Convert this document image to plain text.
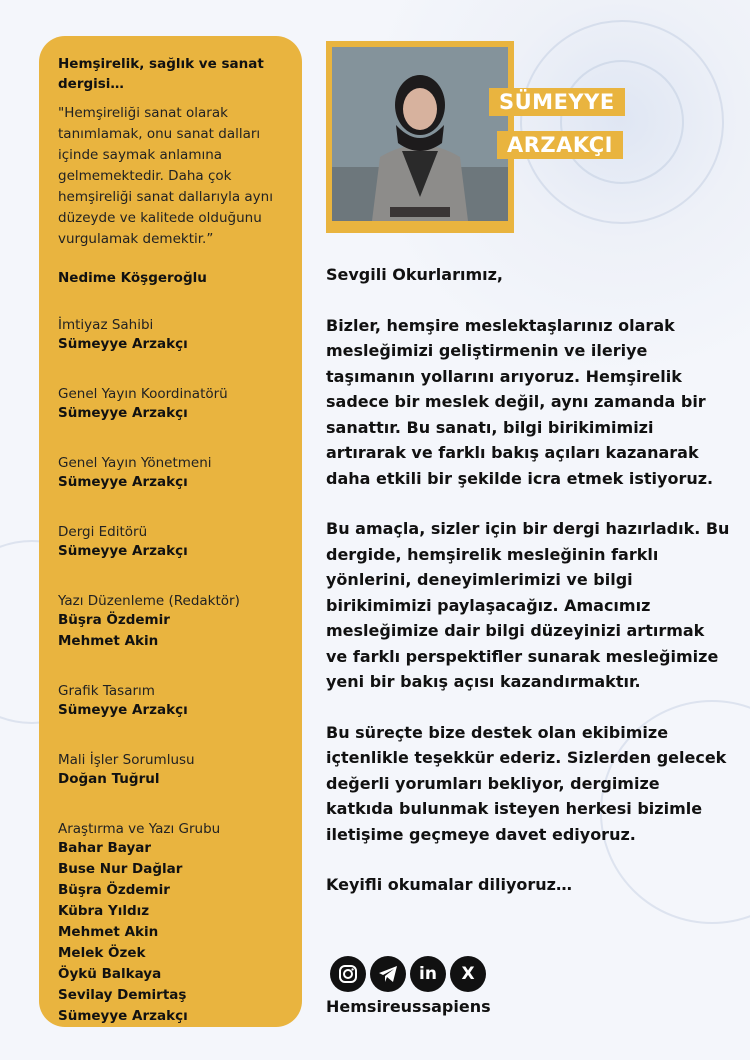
Hemşirelik, sağlık ve sanat dergisi…

"Hemşireliği sanat olarak tanımlamak, onu sanat dalları içinde saymak anlamına gelmemektedir. Daha çok hemşireliği sanat dallarıyla aynı düzeyde ve kalitede olduğunu vurgulamak demektir.”

Nedime Köşgeroğlu

İmtiyaz Sahibi
Sümeyye Arzakçı
Genel Yayın Koordinatörü
Sümeyye Arzakçı
Genel Yayın Yönetmeni
Sümeyye Arzakçı
Dergi Editörü
Sümeyye Arzakçı
Yazı Düzenleme (Redaktör)
Büşra Özdemir
Mehmet Akin
Grafik Tasarım
Sümeyye Arzakçı
Mali İşler Sorumlusu
Doğan Tuğrul
Araştırma ve Yazı Grubu
Bahar Bayar
Buse Nur Dağlar
Büşra Özdemir
Kübra Yıldız
Mehmet Akin
Melek Özek
Öykü Balkaya
Sevilay Demirtaş
Sümeyye Arzakçı
SÜMEYYE
ARZAKÇI

Sevgili Okurlarımız,

Bizler, hemşire meslektaşlarınız olarak mesleğimizi geliştirmenin ve ileriye taşımanın yollarını arıyoruz. Hemşirelik sadece bir meslek değil, aynı zamanda bir sanattır. Bu sanatı, bilgi birikimimizi artırarak ve farklı bakış açıları kazanarak daha etkili bir şekilde icra etmek istiyoruz.

Bu amaçla, sizler için bir dergi hazırladık. Bu dergide, hemşirelik mesleğinin farklı yönlerini, deneyimlerimizi ve bilgi birikimimizi paylaşacağız. Amacımız mesleğimize dair bilgi düzeyinizi artırmak ve farklı perspektifler sunarak mesleğimize yeni bir bakış açısı kazandırmaktır.

Bu süreçte bize destek olan ekibimize içtenlikle teşekkür ederiz. Sizlerden gelecek değerli yorumları bekliyor, dergimize katkıda bulunmak isteyen herkesi bizimle iletişime geçmeye davet ediyoruz.

Keyifli okumalar diliyoruz…

in	X
Hemsireussapiens
